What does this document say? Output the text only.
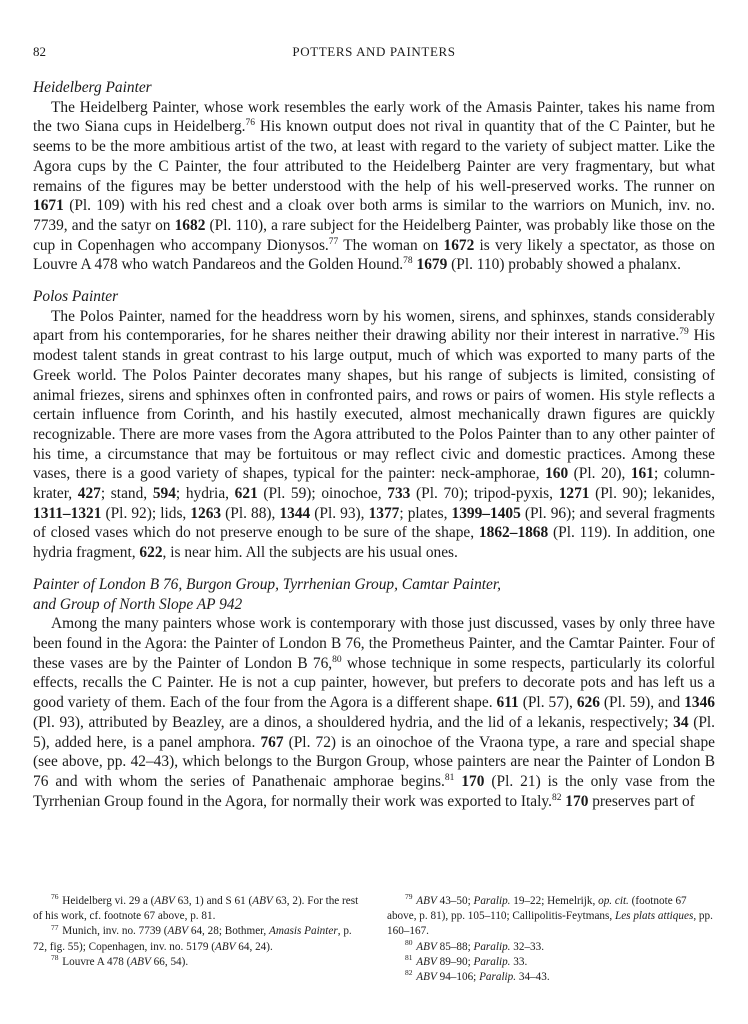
82	POTTERS AND PAINTERS
Heidelberg Painter

The Heidelberg Painter, whose work resembles the early work of the Amasis Painter, takes his name from the two Siana cups in Heidelberg.$^{76}$ His known output does not rival in quantity that of the C Painter, but he seems to be the more ambitious artist of the two, at least with regard to the variety of subject matter. Like the Agora cups by the C Painter, the four attributed to the Heidelberg Painter are very fragmentary, but what remains of the figures may be better understood with the help of his well-preserved works. The runner on 1671 (Pl. 109) with his red chest and a cloak over both arms is similar to the warriors on Munich, inv. no. 7739, and the satyr on 1682 (Pl. 110), a rare subject for the Heidelberg Painter, was probably like those on the cup in Copenhagen who accompany Dionysos.$^{77}$ The woman on 1672 is very likely a spectator, as those on Louvre A 478 who watch Pandareos and the Golden Hound.$^{78}$ 1679 (Pl. 110) probably showed a phalanx.

Polos Painter

The Polos Painter, named for the headdress worn by his women, sirens, and sphinxes, stands considerably apart from his contemporaries, for he shares neither their drawing ability nor their interest in narrative.$^{79}$ His modest talent stands in great contrast to his large output, much of which was exported to many parts of the Greek world. The Polos Painter decorates many shapes, but his range of subjects is limited, consisting of animal friezes, sirens and sphinxes often in confronted pairs, and rows or pairs of women. His style reflects a certain influence from Corinth, and his hastily executed, almost mechanically drawn figures are quickly recognizable. There are more vases from the Agora attributed to the Polos Painter than to any other painter of his time, a circumstance that may be fortuitous or may reflect civic and domestic practices. Among these vases, there is a good variety of shapes, typical for the painter: neck-amphorae, 160 (Pl. 20), 161; column-krater, 427; stand, 594; hydria, 621 (Pl. 59); oinochoe, 733 (Pl. 70); tripod-pyxis, 1271 (Pl. 90); lekanides, 1311–1321 (Pl. 92); lids, 1263 (Pl. 88), 1344 (Pl. 93), 1377; plates, 1399–1405 (Pl. 96); and several fragments of closed vases which do not preserve enough to be sure of the shape, 1862–1868 (Pl. 119). In addition, one hydria fragment, 622, is near him. All the subjects are his usual ones.

Painter of London B 76, Burgon Group, Tyrrhenian Group, Camtar Painter,
and Group of North Slope AP 942

Among the many painters whose work is contemporary with those just discussed, vases by only three have been found in the Agora: the Painter of London B 76, the Prometheus Painter, and the Camtar Painter. Four of these vases are by the Painter of London B 76,80 whose technique in some respects, particularly its colorful effects, recalls the C Painter. He is not a cup painter, however, but prefers to decorate pots and has left us a good variety of them. Each of the four from the Agora is a different shape. 611 (Pl. 57), 626 (Pl. 59), and 1346 (Pl. 93), attributed by Beazley, are a dinos, a shouldered hydria, and the lid of a lekanis, respectively; 34 (Pl. 5), added here, is a panel amphora. 767 (Pl. 72) is an oinochoe of the Vraona type, a rare and special shape (see above, pp. 42–43), which belongs to the Burgon Group, whose painters are near the Painter of London B 76 and with whom the series of Panathenaic amphorae begins.$^{81}$ 170 (Pl. 21) is the only vase from the Tyrrhenian Group found in the Agora, for normally their work was exported to Italy.$^{82}$ 170 preserves part of

$^{76}$ Heidelberg vi. 29 a (ABV 63, 1) and S 61 (ABV 63, 2). For the rest of his work, cf. footnote 67 above, p. 81.

$^{77}$ Munich, inv. no. 7739 (ABV 64, 28; Bothmer, Amasis Painter, p. 72, fig. 55); Copenhagen, inv. no. 5179 (ABV 64, 24).

$^{78}$ Louvre A 478 (ABV 66, 54).

$^{79}$ ABV 43–50; Paralip. 19–22; Hemelrijk, op. cit. (footnote 67 above, p. 81), pp. 105–110; Callipolitis-Feytmans, Les plats attiques, pp. 160–167.

$^{80}$ ABV 85–88; Paralip. 32–33.

$^{81}$ ABV 89–90; Paralip. 33.

$^{82}$ ABV 94–106; Paralip. 34–43.
